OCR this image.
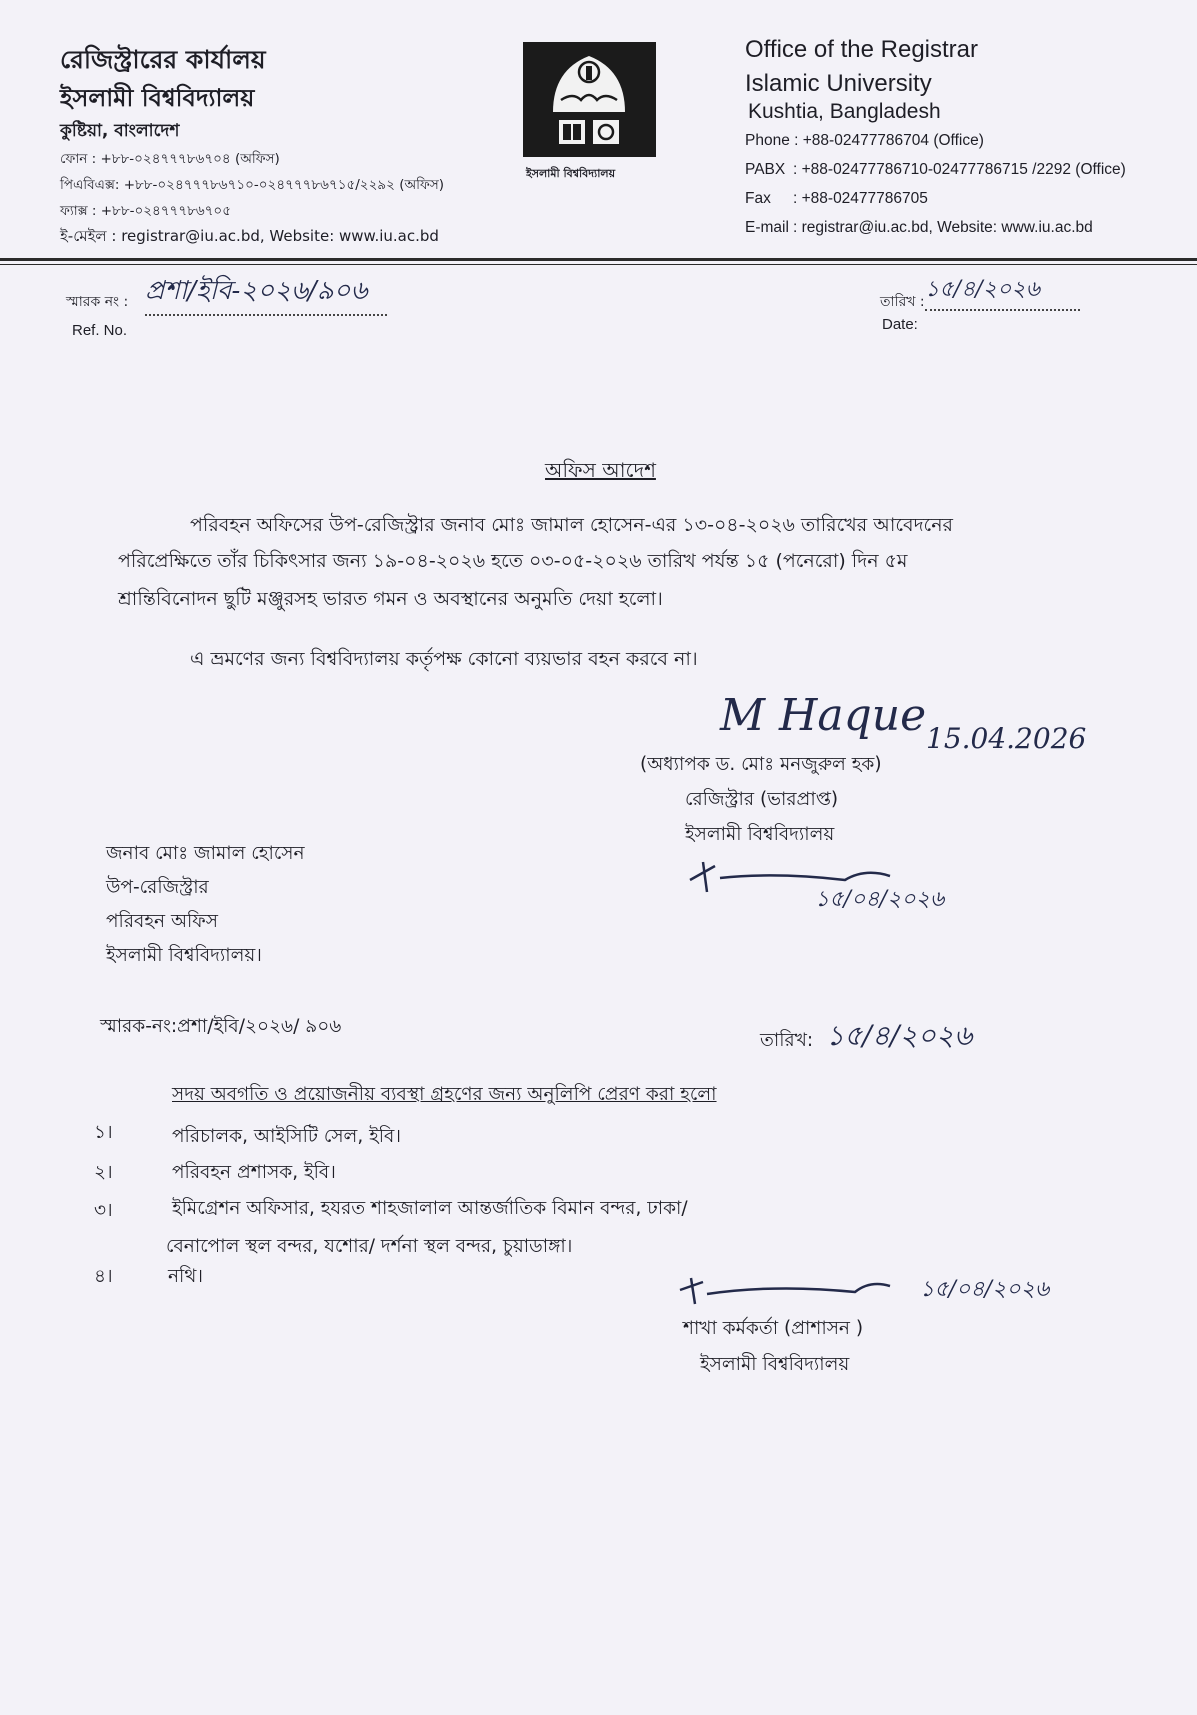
রেজিস্ট্রারের কার্যালয়
ইসলামী বিশ্ববিদ্যালয়
কুষ্টিয়া, বাংলাদেশ
ফোন : +৮৮-০২৪৭৭৭৮৬৭০৪ (অফিস)
পিএবিএক্স: +৮৮-০২৪৭৭৭৮৬৭১০-০২৪৭৭৭৮৬৭১৫/২২৯২ (অফিস)
ফ্যাক্স : +৮৮-০২৪৭৭৭৮৬৭০৫
ই-মেইল : registrar@iu.ac.bd, Website: www.iu.ac.bd
ইসলামী বিশ্ববিদ্যালয়
Office of the Registrar
Islamic University
Kushtia, Bangladesh
Phone : +88-02477786704 (Office)
PABX : +88-02477786710-02477786715 /2292 (Office)
Fax : +88-02477786705
E-mail : registrar@iu.ac.bd, Website: www.iu.ac.bd
স্মারক নং : প্রশা/ইবি-২০২৬/৯০৬
Ref. No.
তারিখ : ১৫/৪/২০২৬
Date:
অফিস আদেশ
পরিবহন অফিসের উপ-রেজিস্ট্রার জনাব মোঃ জামাল হোসেন-এর ১৩-০৪-২০২৬ তারিখের আবেদনের
পরিপ্রেক্ষিতে তাঁর চিকিৎসার জন্য ১৯-০৪-২০২৬ হতে ০৩-০৫-২০২৬ তারিখ পর্যন্ত ১৫ (পনেরো) দিন ৫ম
শ্রান্তিবিনোদন ছুটি মঞ্জুরসহ ভারত গমন ও অবস্থানের অনুমতি দেয়া হলো।
এ ভ্রমণের জন্য বিশ্ববিদ্যালয় কর্তৃপক্ষ কোনো ব্যয়ভার বহন করবে না।
M Haque 15.04.2026
(অধ্যাপক ড. মোঃ মনজুরুল হক)
রেজিস্ট্রার (ভারপ্রাপ্ত)
ইসলামী বিশ্ববিদ্যালয়
১৫/০৪/২০২৬
জনাব মোঃ জামাল হোসেন
উপ-রেজিস্ট্রার
পরিবহন অফিস
ইসলামী বিশ্ববিদ্যালয়।
স্মারক-নং:প্রশা/ইবি/২০২৬/ ৯০৬
তারিখ: ১৫/৪/২০২৬
সদয় অবগতি ও প্রয়োজনীয় ব্যবস্থা গ্রহণের জন্য অনুলিপি প্রেরণ করা হলো
১।	পরিচালক, আইসিটি সেল, ইবি।
২।	পরিবহন প্রশাসক, ইবি।
৩।	ইমিগ্রেশন অফিসার, হযরত শাহজালাল আন্তর্জাতিক বিমান বন্দর, ঢাকা/
বেনাপোল স্থল বন্দর, যশোর/ দর্শনা স্থল বন্দর, চুয়াডাঙ্গা।
৪।	নথি।
১৫/০৪/২০২৬
শাখা কর্মকর্তা (প্রাশাসন )
ইসলামী বিশ্ববিদ্যালয়
